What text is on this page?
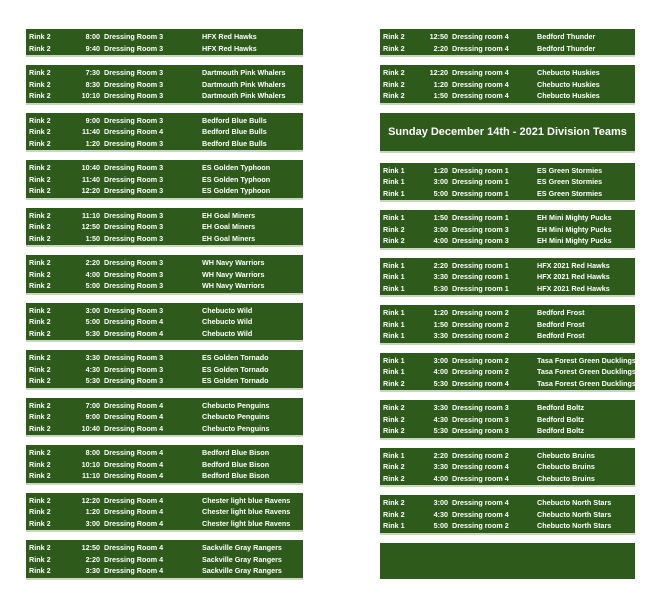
Rink 2	8:00 Dressing Room 3	HFX Red Hawks
Rink 2	9:40 Dressing Room 3	HFX Red Hawks
Rink 2	7:30 Dressing Room 3	Dartmouth Pink Whalers
Rink 2	8:30 Dressing Room 3	Dartmouth Pink Whalers
Rink 2	10:10 Dressing Room 3	Dartmouth Pink Whalers
Rink 2	9:00 Dressing Room 3	Bedford Blue Bulls
Rink 2	11:40 Dressing Room 4	Bedford Blue Bulls
Rink 2	1:20 Dressing Room 3	Bedford Blue Bulls
Rink 2	10:40 Dressing Room 3	ES Golden Typhoon
Rink 2	11:40 Dressing Room 3	ES Golden Typhoon
Rink 2	12:20 Dressing Room 3	ES Golden Typhoon
Rink 2	11:10 Dressing Room 3	EH Goal Miners
Rink 2	12:50 Dressing Room 3	EH Goal Miners
Rink 2	1:50 Dressing Room 3	EH Goal Miners
Rink 2	2:20 Dressing Room 3	WH Navy Warriors
Rink 2	4:00 Dressing Room 3	WH Navy Warriors
Rink 2	5:00 Dressing Room 3	WH Navy Warriors
Rink 2	3:00 Dressing Room 3	Chebucto Wild
Rink 2	5:00 Dressing Room 4	Chebucto Wild
Rink 2	5:30 Dressing Room 4	Chebucto Wild
Rink 2	3:30 Dressing Room 3	ES Golden Tornado
Rink 2	4:30 Dressing Room 3	ES Golden Tornado
Rink 2	5:30 Dressing Room 3	ES Golden Tornado
Rink 2	7:00 Dressing Room 4	Chebucto Penguins
Rink 2	9:00 Dressing Room 4	Chebucto Penguins
Rink 2	10:40 Dressing Room 4	Chebucto Penguins
Rink 2	8:00 Dressing Room 4	Bedford Blue Bison
Rink 2	10:10 Dressing Room 4	Bedford Blue Bison
Rink 2	11:10 Dressing Room 4	Bedford Blue Bison
Rink 2	12:20 Dressing Room 4	Chester light blue Ravens
Rink 2	1:20 Dressing Room 4	Chester light blue Ravens
Rink 2	3:00 Dressing Room 4	Chester light blue Ravens
Rink 2	12:50 Dressing Room 4	Sackville Gray Rangers
Rink 2	2:20 Dressing Room 4	Sackville Gray Rangers
Rink 2	3:30 Dressing Room 4	Sackville Gray Rangers
Rink 2	12:50 Dressing room 4	Bedford Thunder
Rink 2	2:20 Dressing room 4	Bedford Thunder
Rink 2	12:20 Dressing room 4	Chebucto Huskies
Rink 2	1:20 Dressing room 4	Chebucto Huskies
Rink 2	1:50 Dressing room 4	Chebucto Huskies
Sunday December 14th - 2021 Division Teams
Rink 1	1:20 Dressing room 1	ES Green Stormies
Rink 1	3:00 Dressing room 1	ES Green Stormies
Rink 1	5:00 Dressing room 1	ES Green Stormies
Rink 1	1:50 Dressing room 1	EH Mini Mighty Pucks
Rink 2	3:00 Dressing room 3	EH Mini Mighty Pucks
Rink 2	4:00 Dressing room 3	EH Mini Mighty Pucks
Rink 1	2:20 Dressing room 1	HFX 2021 Red Hawks
Rink 1	3:30 Dressing room 1	HFX 2021 Red Hawks
Rink 1	5:30 Dressing room 1	HFX 2021 Red Hawks
Rink 1	1:20 Dressing room 2	Bedford Frost
Rink 1	1:50 Dressing room 2	Bedford Frost
Rink 1	3:30 Dressing room 2	Bedford Frost
Rink 1	3:00 Dressing room 2	Tasa Forest Green Ducklings
Rink 1	4:00 Dressing room 2	Tasa Forest Green Ducklings
Rink 2	5:30 Dressing room 4	Tasa Forest Green Ducklings
Rink 2	3:30 Dressing room 3	Bedford Boltz
Rink 2	4:30 Dressing room 3	Bedford Boltz
Rink 2	5:30 Dressing room 3	Bedford Boltz
Rink 1	2:20 Dressing room 2	Chebucto Bruins
Rink 2	3:30 Dressing room 4	Chebucto Bruins
Rink 2	4:00 Dressing room 4	Chebucto Bruins
Rink 2	3:00 Dressing room 4	Chebucto North Stars
Rink 2	4:30 Dressing room 4	Chebucto North Stars
Rink 1	5:00 Dressing room 2	Chebucto North Stars
